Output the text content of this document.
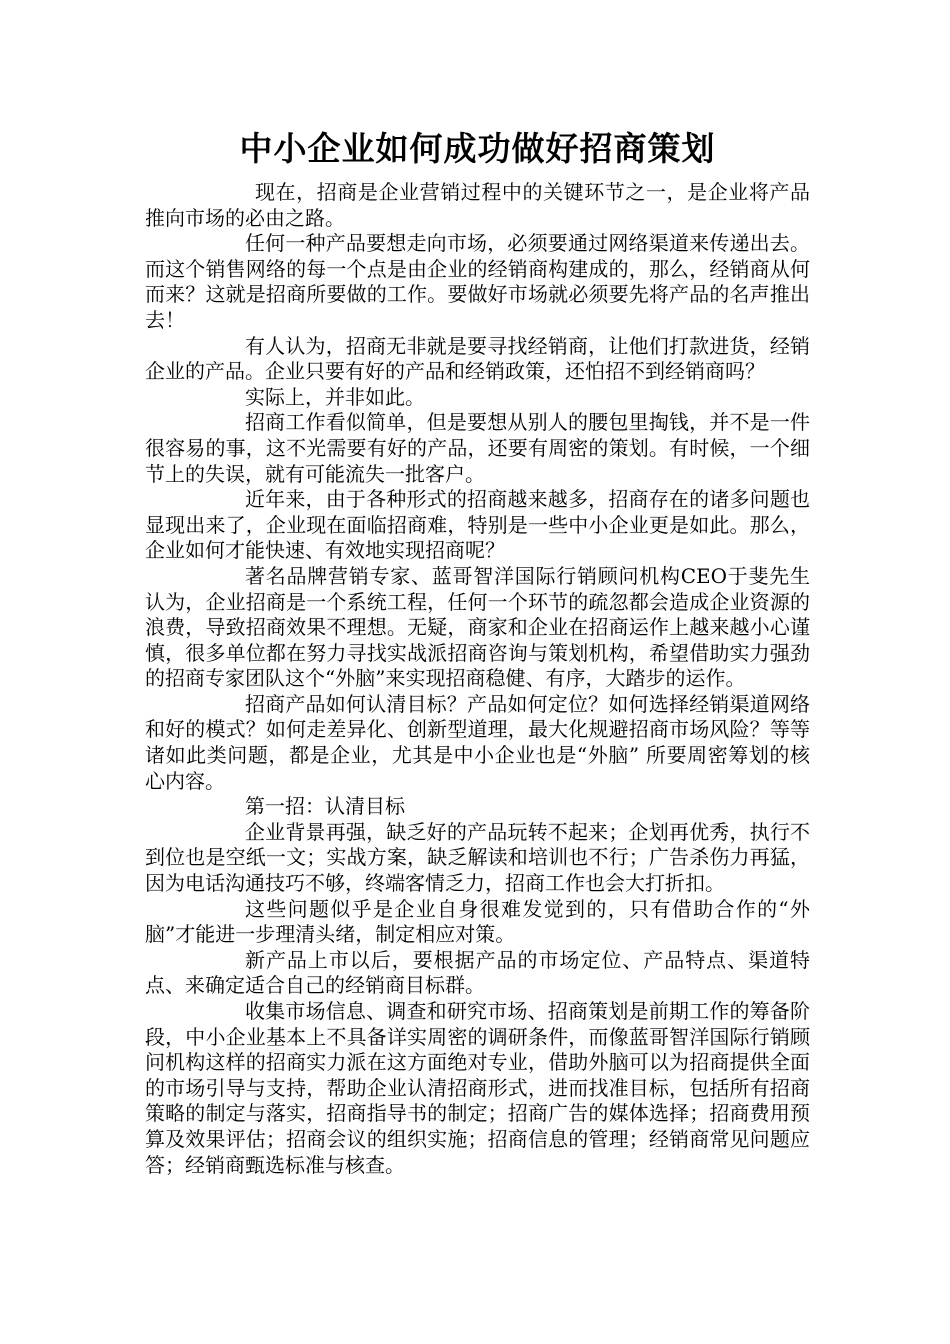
中小企业如何成功做好招商策划

现在，招商是企业营销过程中的关键环节之一，是企业将产品推向市场的必由之路。

任何一种产品要想走向市场，必须要通过网络渠道来传递出去。而这个销售网络的每一个点是由企业的经销商构建成的，那么，经销商从何而来？这就是招商所要做的工作。要做好市场就必须要先将产品的名声推出去！

有人认为，招商无非就是要寻找经销商，让他们打款进货，经销企业的产品。企业只要有好的产品和经销政策，还怕招不到经销商吗？

实际上，并非如此。

招商工作看似简单，但是要想从别人的腰包里掏钱，并不是一件很容易的事，这不光需要有好的产品，还要有周密的策划。有时候，一个细节上的失误，就有可能流失一批客户。

近年来，由于各种形式的招商越来越多，招商存在的诸多问题也显现出来了，企业现在面临招商难，特别是一些中小企业更是如此。那么，企业如何才能快速、有效地实现招商呢？

著名品牌营销专家、蓝哥智洋国际行销顾问机构CEO于斐先生认为，企业招商是一个系统工程，任何一个环节的疏忽都会造成企业资源的浪费，导致招商效果不理想。无疑，商家和企业在招商运作上越来越小心谨慎，很多单位都在努力寻找实战派招商咨询与策划机构，希望借助实力强劲的招商专家团队这个“外脑”来实现招商稳健、有序，大踏步的运作。

招商产品如何认清目标？产品如何定位？如何选择经销渠道网络和好的模式？如何走差异化、创新型道理，最大化规避招商市场风险？等等诸如此类问题，都是企业，尤其是中小企业也是“外脑” 所要周密筹划的核心内容。

第一招：认清目标

企业背景再强，缺乏好的产品玩转不起来；企划再优秀，执行不到位也是空纸一文；实战方案，缺乏解读和培训也不行；广告杀伤力再猛，因为电话沟通技巧不够，终端客情乏力，招商工作也会大打折扣。

这些问题似乎是企业自身很难发觉到的，只有借助合作的“外脑”才能进一步理清头绪，制定相应对策。

新产品上市以后，要根据产品的市场定位、产品特点、渠道特点、来确定适合自己的经销商目标群。

收集市场信息、调查和研究市场、招商策划是前期工作的筹备阶段，中小企业基本上不具备详实周密的调研条件，而像蓝哥智洋国际行销顾问机构这样的招商实力派在这方面绝对专业，借助外脑可以为招商提供全面的市场引导与支持，帮助企业认清招商形式，进而找准目标，包括所有招商策略的制定与落实，招商指导书的制定；招商广告的媒体选择；招商费用预算及效果评估；招商会议的组织实施；招商信息的管理；经销商常见问题应答；经销商甄选标准与核查。
